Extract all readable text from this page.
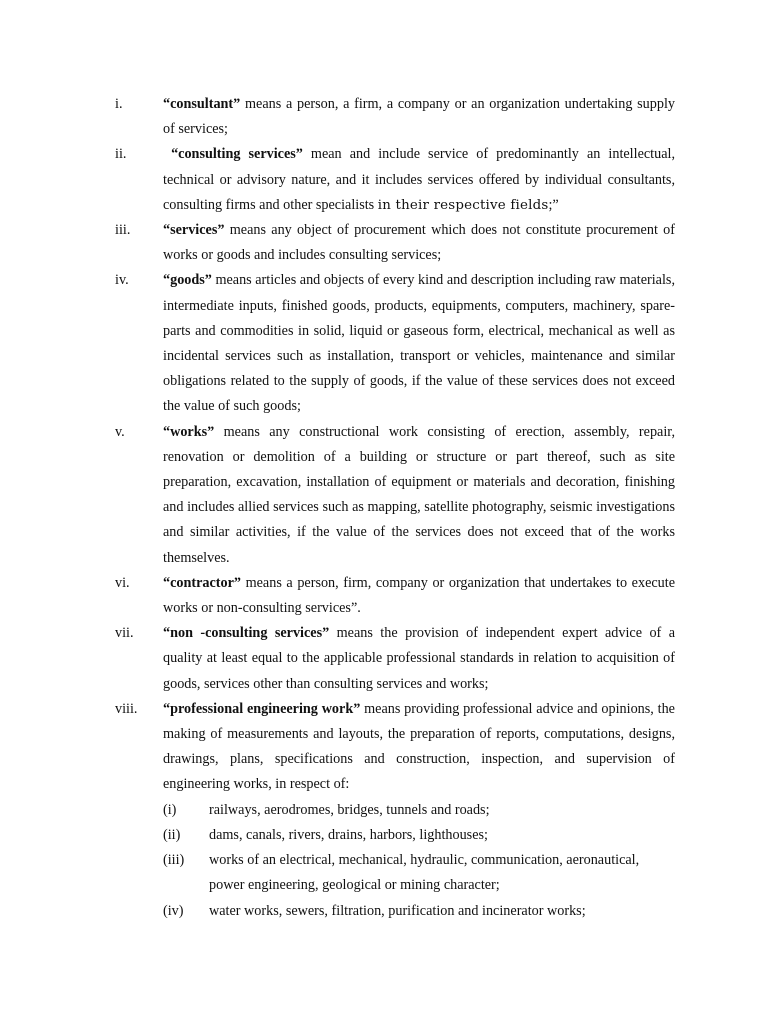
i.	“consultant” means a person, a firm, a company or an organization undertaking supply of services;
ii.	“consulting services” mean and include service of predominantly an intellectual, technical or advisory nature, and it includes services offered by individual consultants, consulting firms and other specialists in their respective fields;”
iii.	“services” means any object of procurement which does not constitute procurement of works or goods and includes consulting services;
iv.	“goods” means articles and objects of every kind and description including raw materials, intermediate inputs, finished goods, products, equipments, computers, machinery, spare-parts and commodities in solid, liquid or gaseous form, electrical, mechanical as well as incidental services such as installation, transport or vehicles, maintenance and similar obligations related to the supply of goods, if the value of these services does not exceed the value of such goods;
v.	“works” means any constructional work consisting of erection, assembly, repair, renovation or demolition of a building or structure or part thereof, such as site preparation, excavation, installation of equipment or materials and decoration, finishing and includes allied services such as mapping, satellite photography, seismic investigations and similar activities, if the value of the services does not exceed that of the works themselves.
vi.	“contractor” means a person, firm, company or organization that undertakes to execute works or non-consulting services”.
vii.	“non -consulting services” means the provision of independent expert advice of a quality at least equal to the applicable professional standards in relation to acquisition of goods, services other than consulting services and works;
viii.	“professional engineering work” means providing professional advice and opinions, the making of measurements and layouts, the preparation of reports, computations, designs, drawings, plans, specifications and construction, inspection, and supervision of engineering works, in respect of:
(i)	railways, aerodromes, bridges, tunnels and roads;
(ii)	dams, canals, rivers, drains, harbors, lighthouses;
(iii)	works of an electrical, mechanical, hydraulic, communication, aeronautical, power engineering, geological or mining character;
(iv)	water works, sewers, filtration, purification and incinerator works;
